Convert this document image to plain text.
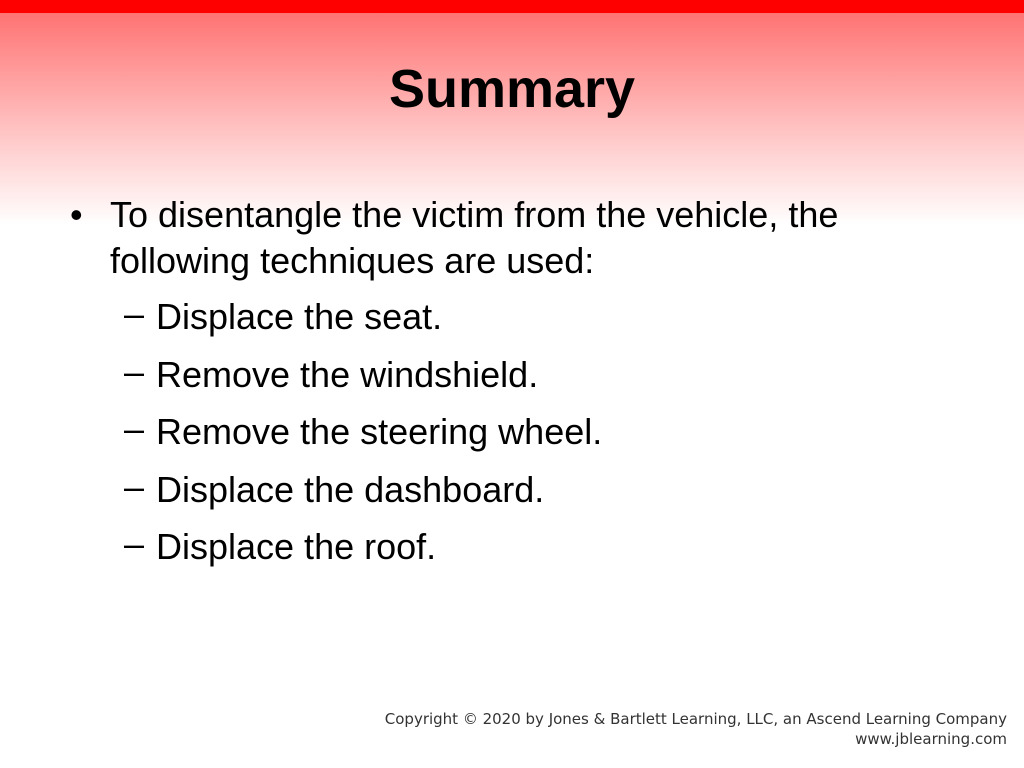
Summary
• To disentangle the victim from the vehicle, the following techniques are used:
– Displace the seat.
– Remove the windshield.
– Remove the steering wheel.
– Displace the dashboard.
– Displace the roof.
Copyright © 2020 by Jones & Bartlett Learning, LLC, an Ascend Learning Company
www.jblearning.com
